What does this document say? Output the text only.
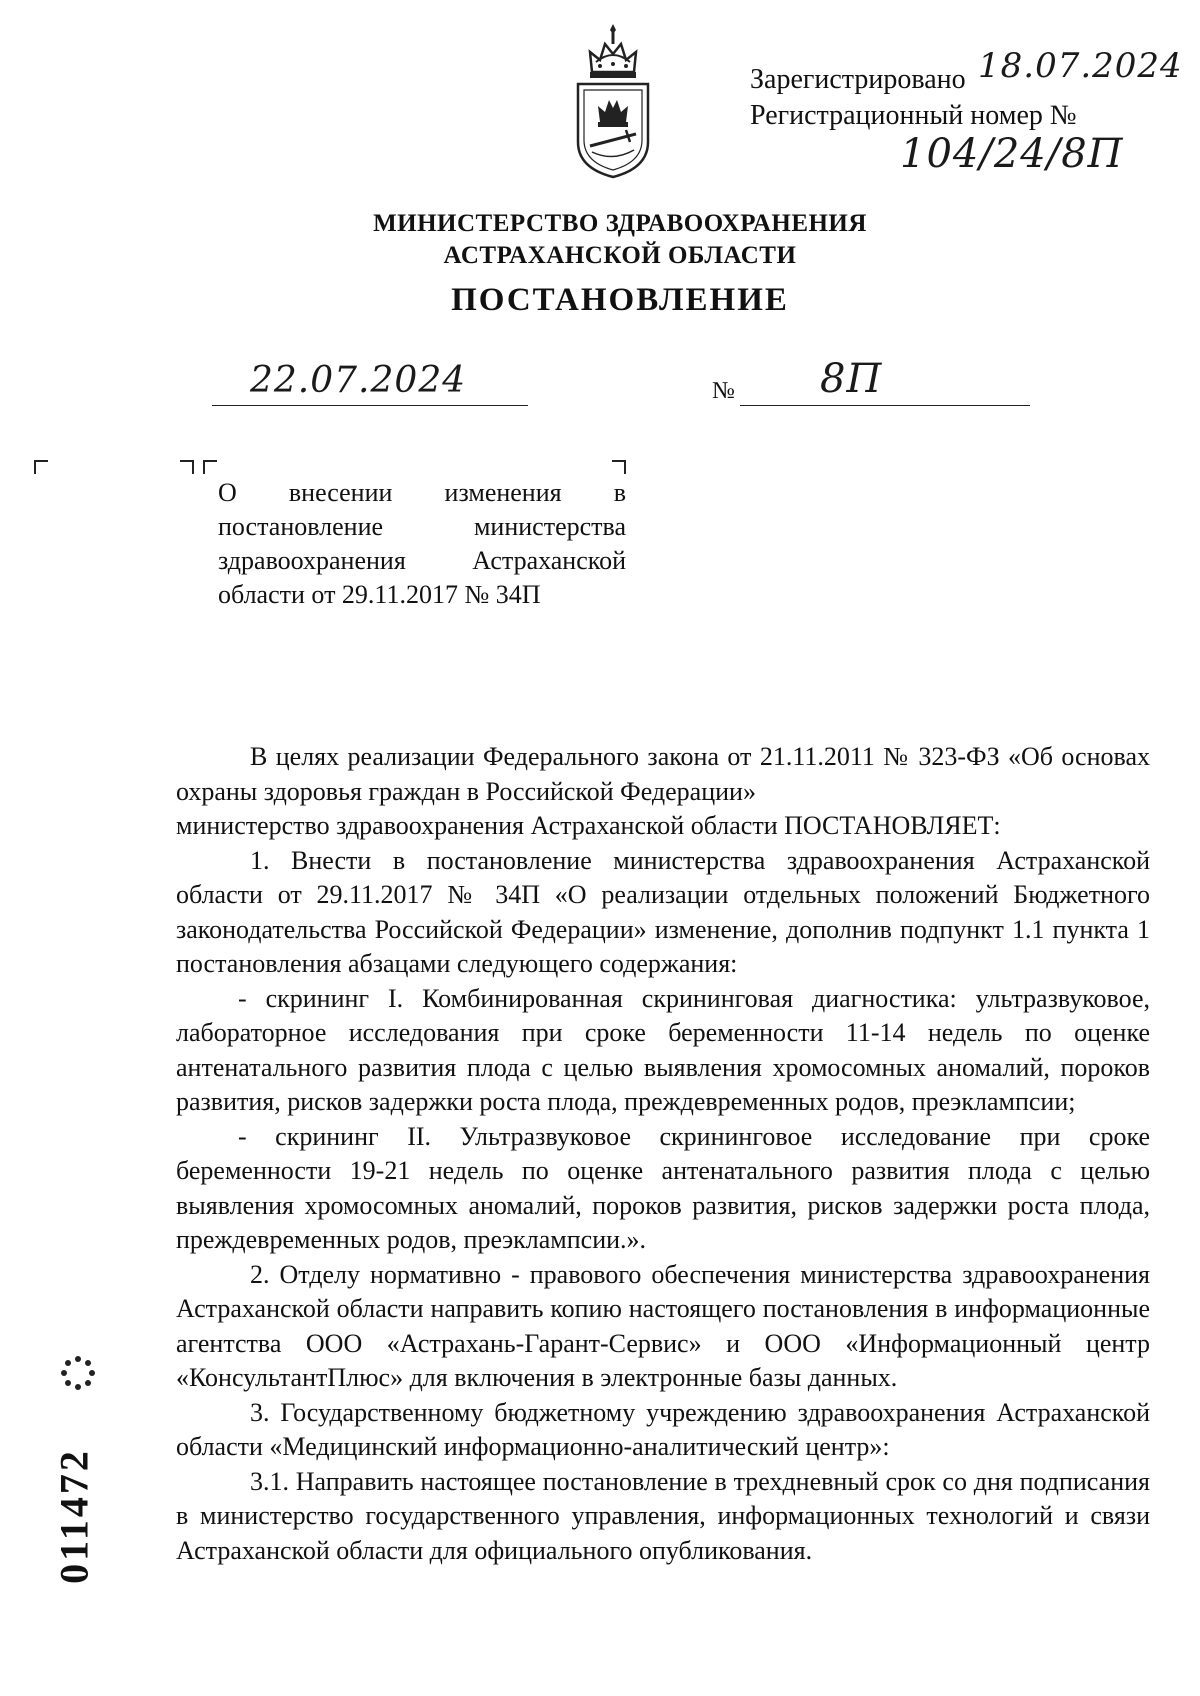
Зарегистрировано 18.07.2024
Регистрационный номер №
104/24/8П
МИНИСТЕРСТВО ЗДРАВООХРАНЕНИЯ
АСТРАХАНСКОЙ ОБЛАСТИ
ПОСТАНОВЛЕНИЕ
22.07.2024	№ 8П
О внесении изменения в постановление министерства здравоохранения Астраханской области от 29.11.2017 № 34П

В целях реализации Федерального закона от 21.11.2011 № 323-ФЗ «Об основах охраны здоровья граждан в Российской Федерации»

министерство здравоохранения Астраханской области ПОСТАНОВЛЯЕТ:

1. Внести в постановление министерства здравоохранения Астраханской области от 29.11.2017 № 34П «О реализации отдельных положений Бюджетного законодательства Российской Федерации» изменение, дополнив подпункт 1.1 пункта 1 постановления абзацами следующего содержания:

- скрининг I. Комбинированная скрининговая диагностика: ультразвуковое, лабораторное исследования при сроке беременности 11-14 недель по оценке антенатального развития плода с целью выявления хромосомных аномалий, пороков развития, рисков задержки роста плода, преждевременных родов, преэклампсии;

- скрининг II. Ультразвуковое скрининговое исследование при сроке беременности 19-21 недель по оценке антенатального развития плода с целью выявления хромосомных аномалий, пороков развития, рисков задержки роста плода, преждевременных родов, преэклампсии.».

2. Отделу нормативно - правового обеспечения министерства здравоохранения Астраханской области направить копию настоящего постановления в информационные агентства ООО «Астрахань-Гарант-Сервис» и ООО «Информационный центр «КонсультантПлюс» для включения в электронные базы данных.

3. Государственному бюджетному учреждению здравоохранения Астраханской области «Медицинский информационно-аналитический центр»:

3.1. Направить настоящее постановление в трехдневный срок со дня подписания в министерство государственного управления, информационных технологий и связи Астраханской области для официального опубликования.

011472
